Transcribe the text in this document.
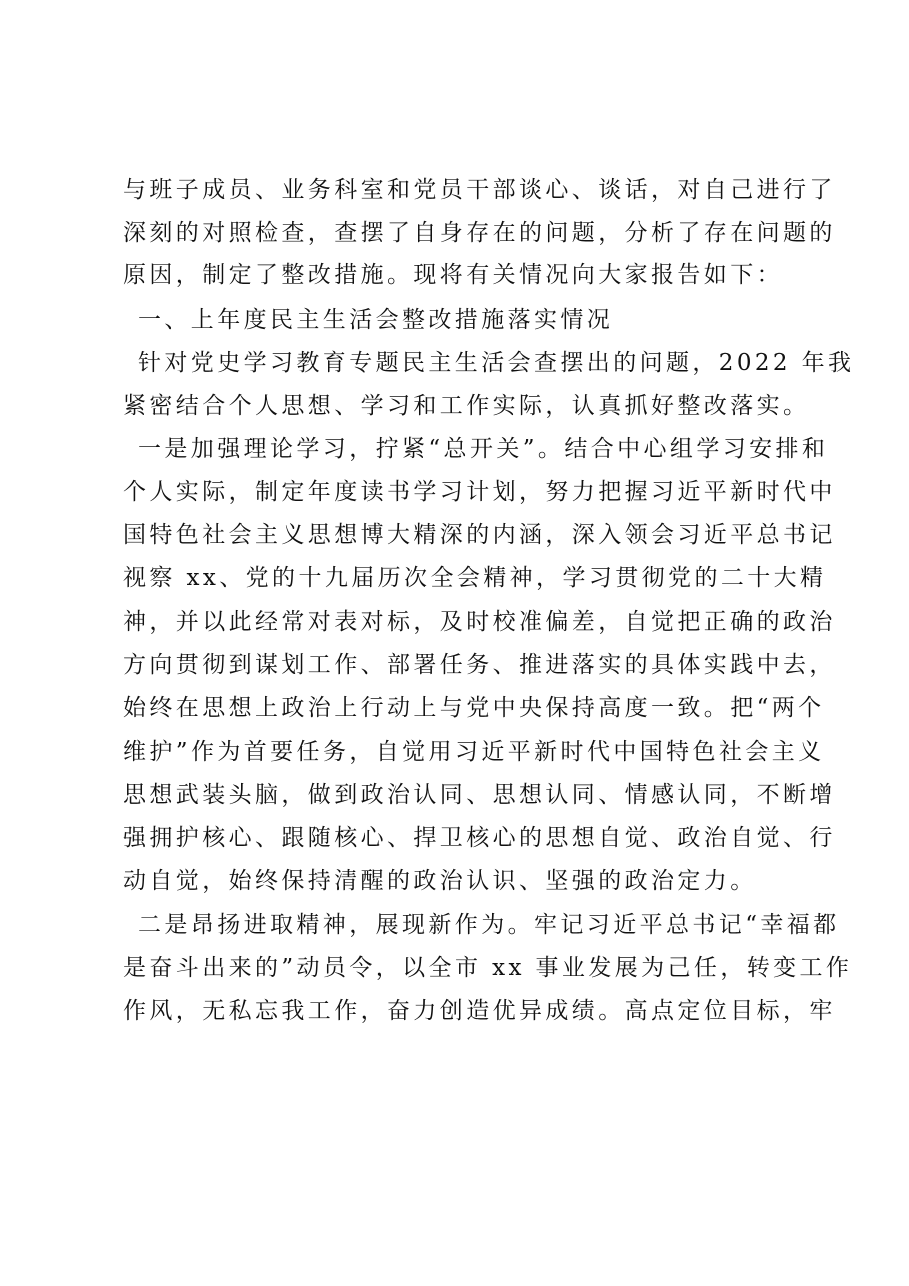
与班子成员、业务科室和党员干部谈心、谈话，对自己进行了
深刻的对照检查，查摆了自身存在的问题，分析了存在问题的
原因，制定了整改措施。现将有关情况向大家报告如下：
一、上年度民主生活会整改措施落实情况
针对党史学习教育专题民主生活会查摆出的问题，2022 年我
紧密结合个人思想、学习和工作实际，认真抓好整改落实。
一是加强理论学习，拧紧“总开关”。结合中心组学习安排和
个人实际，制定年度读书学习计划，努力把握习近平新时代中
国特色社会主义思想博大精深的内涵，深入领会习近平总书记
视察 xx、党的十九届历次全会精神，学习贯彻党的二十大精
神，并以此经常对表对标，及时校准偏差，自觉把正确的政治
方向贯彻到谋划工作、部署任务、推进落实的具体实践中去，
始终在思想上政治上行动上与党中央保持高度一致。把“两个
维护”作为首要任务，自觉用习近平新时代中国特色社会主义
思想武装头脑，做到政治认同、思想认同、情感认同，不断增
强拥护核心、跟随核心、捍卫核心的思想自觉、政治自觉、行
动自觉，始终保持清醒的政治认识、坚强的政治定力。
二是昂扬进取精神，展现新作为。牢记习近平总书记“幸福都
是奋斗出来的”动员令，以全市 xx 事业发展为己任，转变工作
作风，无私忘我工作，奋力创造优异成绩。高点定位目标，牢
